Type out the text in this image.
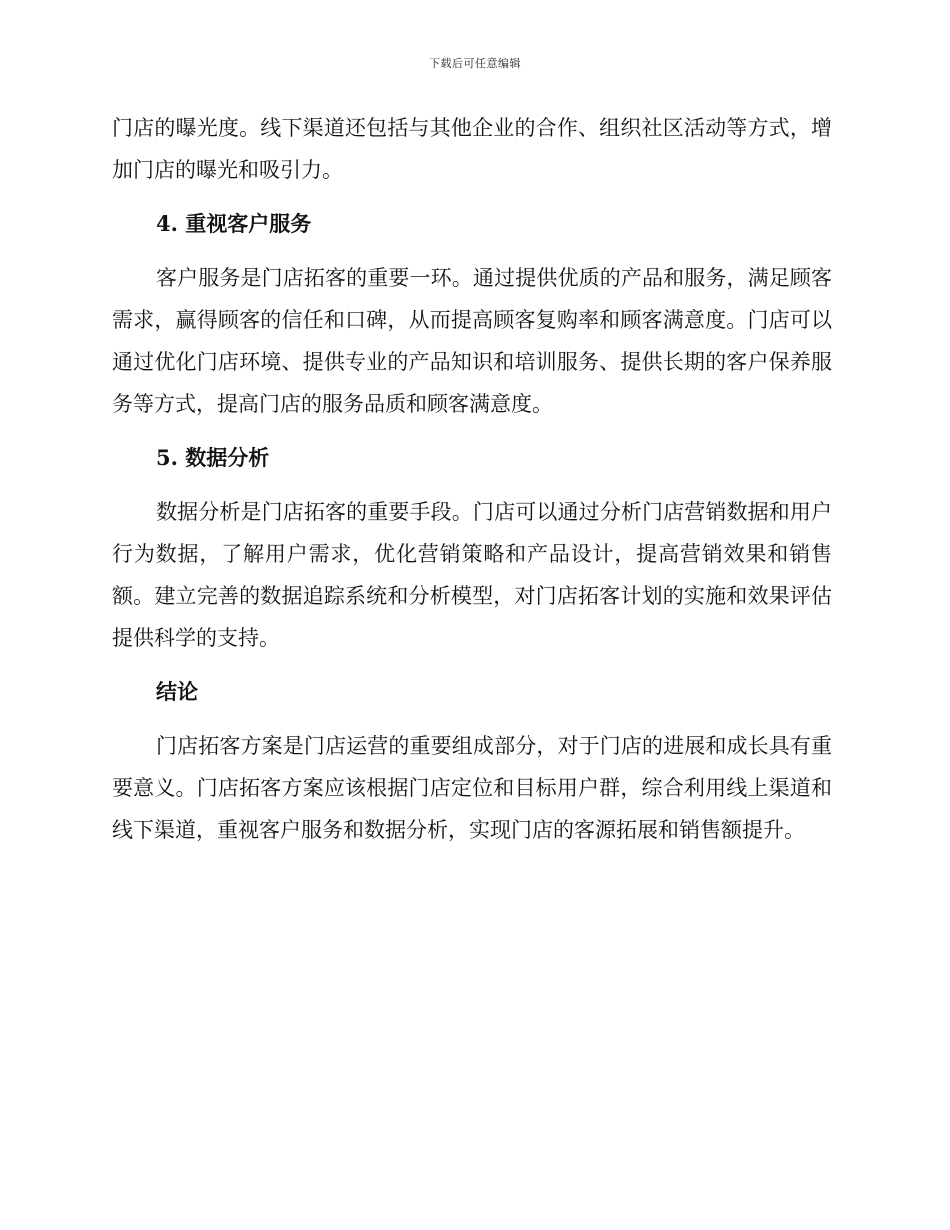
下载后可任意编辑

门店的曝光度。线下渠道还包括与其他企业的合作、组织社区活动等方式，增加门店的曝光和吸引力。

4. 重视客户服务

客户服务是门店拓客的重要一环。通过提供优质的产品和服务，满足顾客需求，赢得顾客的信任和口碑，从而提高顾客复购率和顾客满意度。门店可以通过优化门店环境、提供专业的产品知识和培训服务、提供长期的客户保养服务等方式，提高门店的服务品质和顾客满意度。

5. 数据分析

数据分析是门店拓客的重要手段。门店可以通过分析门店营销数据和用户行为数据，了解用户需求，优化营销策略和产品设计，提高营销效果和销售额。建立完善的数据追踪系统和分析模型，对门店拓客计划的实施和效果评估提供科学的支持。

结论

门店拓客方案是门店运营的重要组成部分，对于门店的进展和成长具有重要意义。门店拓客方案应该根据门店定位和目标用户群，综合利用线上渠道和线下渠道，重视客户服务和数据分析，实现门店的客源拓展和销售额提升。
